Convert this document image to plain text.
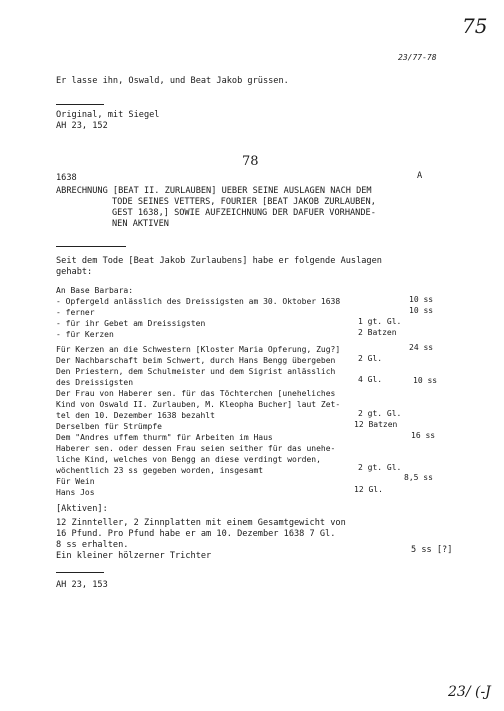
75
23/77-78
Er lasse ihn, Oswald, und Beat Jakob grüssen.
Original, mit Siegel
AH 23, 152
78
1638	A
ABRECHNUNG [BEAT II. ZURLAUBEN] UEBER SEINE AUSLAGEN NACH DEM
TODE SEINES VETTERS, FOURIER [BEAT JAKOB ZURLAUBEN,
GEST 1638,] SOWIE AUFZEICHNUNG DER DAFUER VORHANDE-
NEN AKTIVEN
Seit dem Tode [Beat Jakob Zurlaubens] habe er folgende Auslagen
gehabt:
An Base Barbara:
- Opfergeld anlässlich des Dreissigsten am 30. Oktober 1638
- ferner
- für ihr Gebet am Dreissigsten
- für Kerzen
Für Kerzen an die Schwestern [Kloster Maria Opferung, Zug?]
Der Nachbarschaft beim Schwert, durch Hans Bengg übergeben
Den Priestern, dem Schulmeister und dem Sigrist anlässlich
des Dreissigsten
Der Frau von Haberer sen. für das Töchterchen [uneheliches
Kind von Oswald II. Zurlauben, M. Kleopha Bucher] laut Zet-
tel den 10. Dezember 1638 bezahlt
Derselben für Strümpfe
Dem "Andres uffem thurm" für Arbeiten im Haus
Haberer sen. oder dessen Frau seien seither für das unehe-
liche Kind, welches von Bengg an diese verdingt worden,
wöchentlich 23 ss gegeben worden, insgesamt
Für Wein
Hans Jos
1 gt. Gl.
2 Batzen
2 Gl.
4 Gl.
2 gt. Gl.
12 Batzen
2 gt. Gl.
12 Gl.
10 ss
10 ss
24 ss
10 ss
16 ss
8,5 ss
[Aktiven]:
12 Zinnteller, 2 Zinnplatten mit einem Gesamtgewicht von
16 Pfund. Pro Pfund habe er am 10. Dezember 1638 7 Gl.
8 ss erhalten.
Ein kleiner hölzerner Trichter
5 ss [?]
AH 23, 153
23/ (-J
